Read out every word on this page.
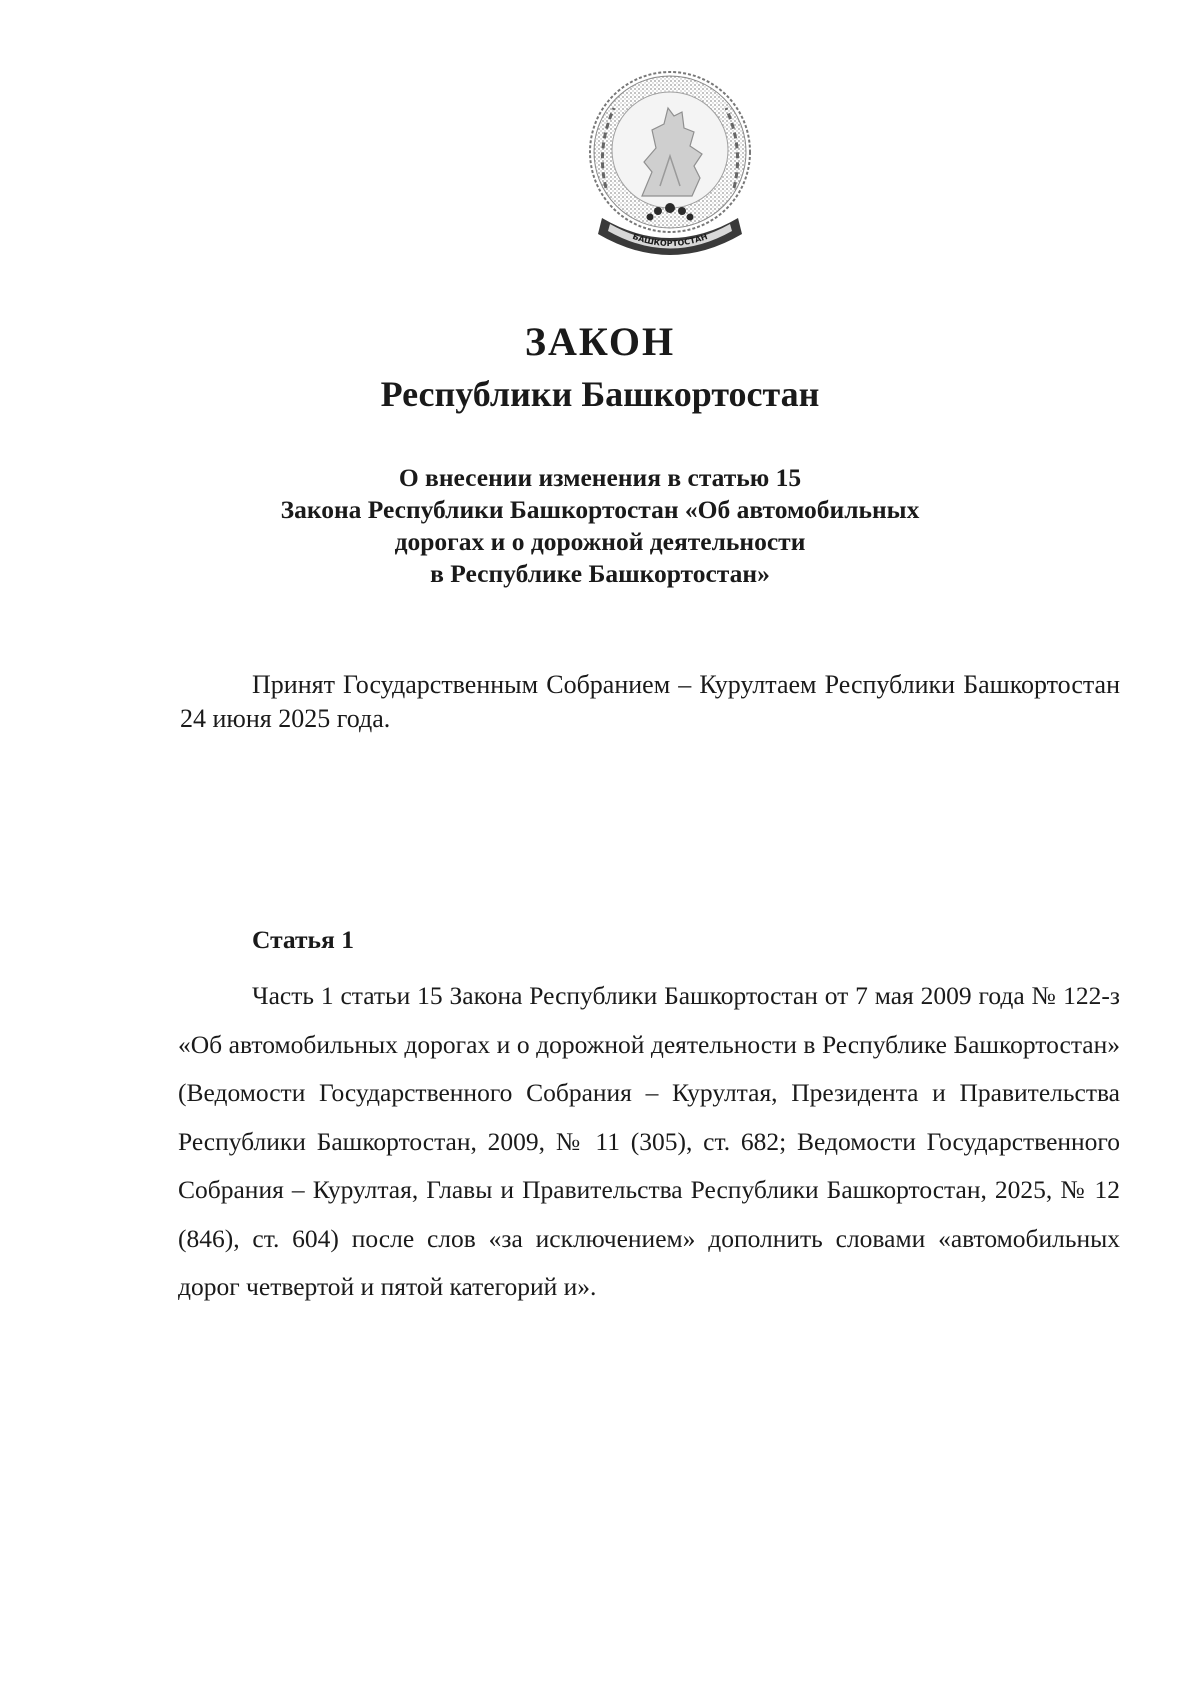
БАШКОРТОСТАН
ЗАКОН
Республики Башкортостан
О внесении изменения в статью 15
Закона Республики Башкортостан «Об автомобильных
дорогах и о дорожной деятельности
в Республике Башкортостан»
Принят Государственным Собранием – Курултаем Республики Башкортостан 24 июня 2025 года.
Статья 1

Часть 1 статьи 15 Закона Республики Башкортостан от 7 мая 2009 года № 122-з «Об автомобильных дорогах и о дорожной деятельности в Республике Башкортостан» (Ведомости Государственного Собрания – Курултая, Президента и Правительства Республики Башкортостан, 2009, № 11 (305), ст. 682; Ведомости Государственного Собрания – Курултая, Главы и Правительства Республики Башкортостан, 2025, № 12 (846), ст. 604) после слов «за исключением» дополнить словами «автомобильных дорог четвертой и пятой категорий и».
